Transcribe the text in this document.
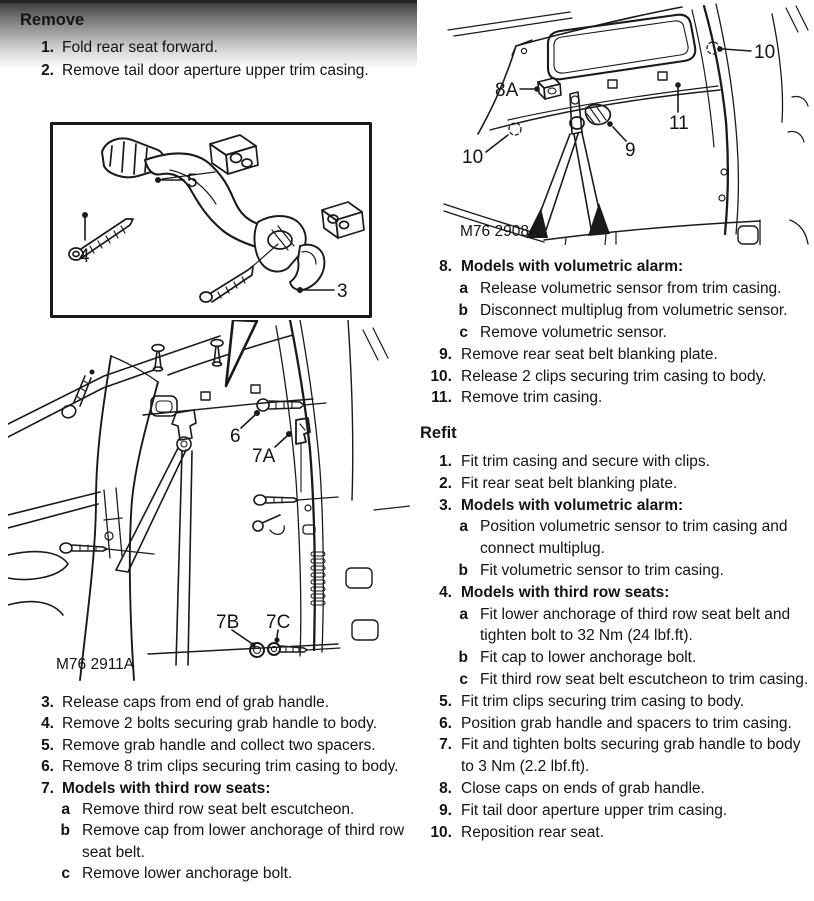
Remove
1. Fold rear seat forward.
2. Remove tail door aperture upper trim casing.
5
4
3
6
7A
7B 7C
M76 2911A
8A
9
10
10
11
M76 2908A
3. Release caps from end of grab handle.
4. Remove 2 bolts securing grab handle to body.
5. Remove grab handle and collect two spacers.
6. Remove 8 trim clips securing trim casing to body.
7. Models with third row seats:
a Remove third row seat belt escutcheon.
b Remove cap from lower anchorage of third row seat belt.
c Remove lower anchorage bolt.
8. Models with volumetric alarm:
a Release volumetric sensor from trim casing.
b Disconnect multiplug from volumetric sensor.
c Remove volumetric sensor.
9. Remove rear seat belt blanking plate.
10. Release 2 clips securing trim casing to body.
11. Remove trim casing.
Refit
1. Fit trim casing and secure with clips.
2. Fit rear seat belt blanking plate.
3. Models with volumetric alarm:
a Position volumetric sensor to trim casing and connect multiplug.
b Fit volumetric sensor to trim casing.
4. Models with third row seats:
a Fit lower anchorage of third row seat belt and tighten bolt to 32 Nm (24 lbf.ft).
b Fit cap to lower anchorage bolt.
c Fit third row seat belt escutcheon to trim casing.
5. Fit trim clips securing trim casing to body.
6. Position grab handle and spacers to trim casing.
7. Fit and tighten bolts securing grab handle to body to 3 Nm (2.2 lbf.ft).
8. Close caps on ends of grab handle.
9. Fit tail door aperture upper trim casing.
10. Reposition rear seat.
